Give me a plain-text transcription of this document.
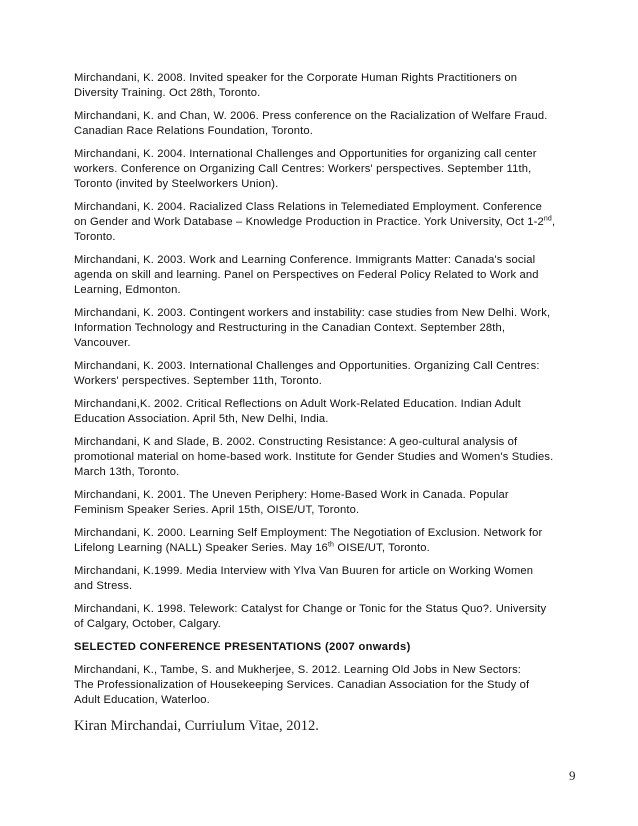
Mirchandani, K. 2008. Invited speaker for the Corporate Human Rights Practitioners on
Diversity Training. Oct 28th, Toronto.

Mirchandani, K. and Chan, W. 2006. Press conference on the Racialization of Welfare Fraud.
Canadian Race Relations Foundation, Toronto.

Mirchandani, K. 2004. International Challenges and Opportunities for organizing call center
workers. Conference on Organizing Call Centres: Workers' perspectives. September 11th,
Toronto (invited by Steelworkers Union).

Mirchandani, K. 2004. Racialized Class Relations in Telemediated Employment. Conference
on Gender and Work Database – Knowledge Production in Practice. York University, Oct 1-2nd,
Toronto.

Mirchandani, K. 2003. Work and Learning Conference. Immigrants Matter: Canada's social
agenda on skill and learning. Panel on Perspectives on Federal Policy Related to Work and
Learning, Edmonton.

Mirchandani, K. 2003. Contingent workers and instability: case studies from New Delhi. Work,
Information Technology and Restructuring in the Canadian Context. September 28th,
Vancouver.

Mirchandani, K. 2003. International Challenges and Opportunities. Organizing Call Centres:
Workers' perspectives. September 11th, Toronto.

Mirchandani,K. 2002. Critical Reflections on Adult Work-Related Education. Indian Adult
Education Association. April 5th, New Delhi, India.

Mirchandani, K and Slade, B. 2002. Constructing Resistance: A geo-cultural analysis of
promotional material on home-based work. Institute for Gender Studies and Women's Studies.
March 13th, Toronto.

Mirchandani, K. 2001. The Uneven Periphery: Home-Based Work in Canada. Popular
Feminism Speaker Series. April 15th, OISE/UT, Toronto.

Mirchandani, K. 2000. Learning Self Employment: The Negotiation of Exclusion. Network for
Lifelong Learning (NALL) Speaker Series. May 16th OISE/UT, Toronto.

Mirchandani, K.1999. Media Interview with Ylva Van Buuren for article on Working Women
and Stress.

Mirchandani, K. 1998. Telework: Catalyst for Change or Tonic for the Status Quo?. University
of Calgary, October, Calgary.

SELECTED CONFERENCE PRESENTATIONS (2007 onwards)

Mirchandani, K., Tambe, S. and Mukherjee, S. 2012. Learning Old Jobs in New Sectors:
The Professionalization of Housekeeping Services. Canadian Association for the Study of
Adult Education, Waterloo.

Kiran Mirchandai, Curriulum Vitae, 2012.
9
